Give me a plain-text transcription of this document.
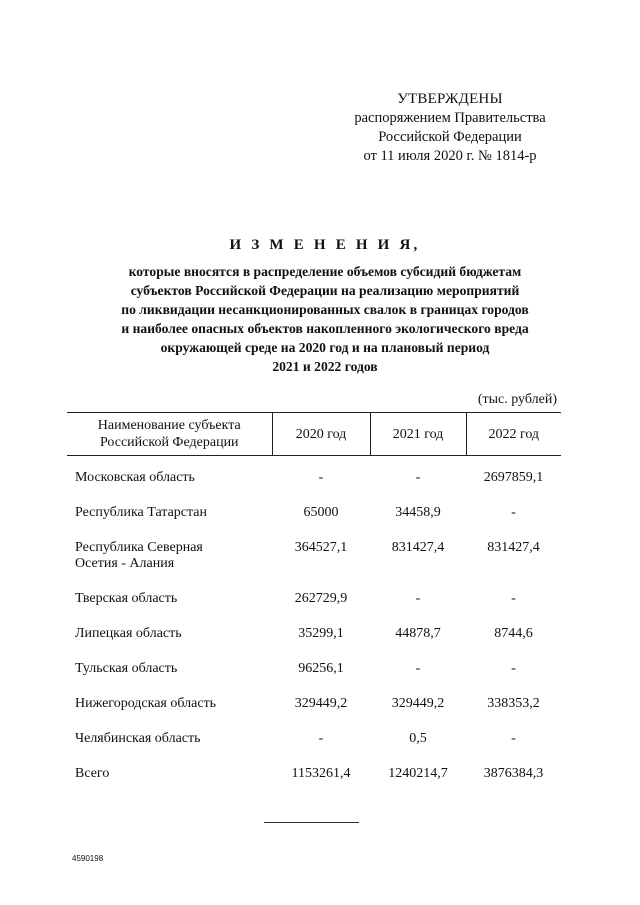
УТВЕРЖДЕНЫ
распоряжением Правительства
Российской Федерации
от 11 июля 2020 г. № 1814-р
И З М Е Н Е Н И Я,
которые вносятся в распределение объемов субсидий бюджетам
субъектов Российской Федерации на реализацию мероприятий
по ликвидации несанкционированных свалок в границах городов
и наиболее опасных объектов накопленного экологического вреда
окружающей среде на 2020 год и на плановый период
2021 и 2022 годов
(тыс. рублей)
Наименование субъекта
Российской Федерации	2020 год	2021 год	2022 год

Московская область	-	-	2697859,1
Республика Татарстан	65000	34458,9	-

Республика Северная
Осетия - Алания	364527,1	831427,4	831427,4
Тверская область	262729,9	-	-
Липецкая область	35299,1	44878,7	8744,6
Тульская область	96256,1	-	-
Нижегородская область	329449,2	329449,2	338353,2
Челябинская область	-	0,5	-
Всего	1153261,4	1240214,7	3876384,3
4590198
